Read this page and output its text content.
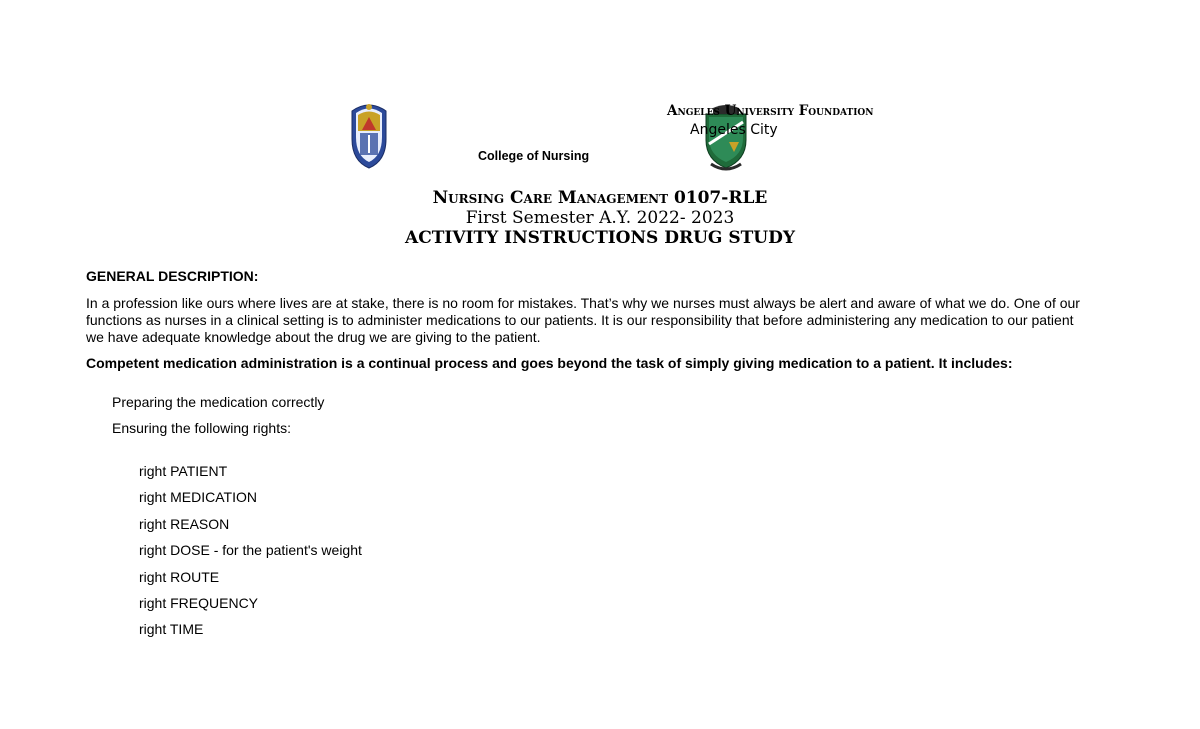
Angeles University Foundation
Angeles City
College of Nursing
Nursing Care Management 0107-RLE
First Semester A.Y. 2022- 2023
ACTIVITY INSTRUCTIONS DRUG STUDY
GENERAL DESCRIPTION:
In a profession like ours where lives are at stake, there is no room for mistakes. That’s why we nurses must always be alert and aware of what we do. One of our functions as nurses in a clinical setting is to administer medications to our patients. It is our responsibility that before administering any medication to our patient we have adequate knowledge about the drug we are giving to the patient.
Competent medication administration is a continual process and goes beyond the task of simply giving medication to a patient. It includes:
Preparing the medication correctly
Ensuring the following rights:
right PATIENT
right MEDICATION
right REASON
right DOSE - for the patient's weight
right ROUTE
right FREQUENCY
right TIME
